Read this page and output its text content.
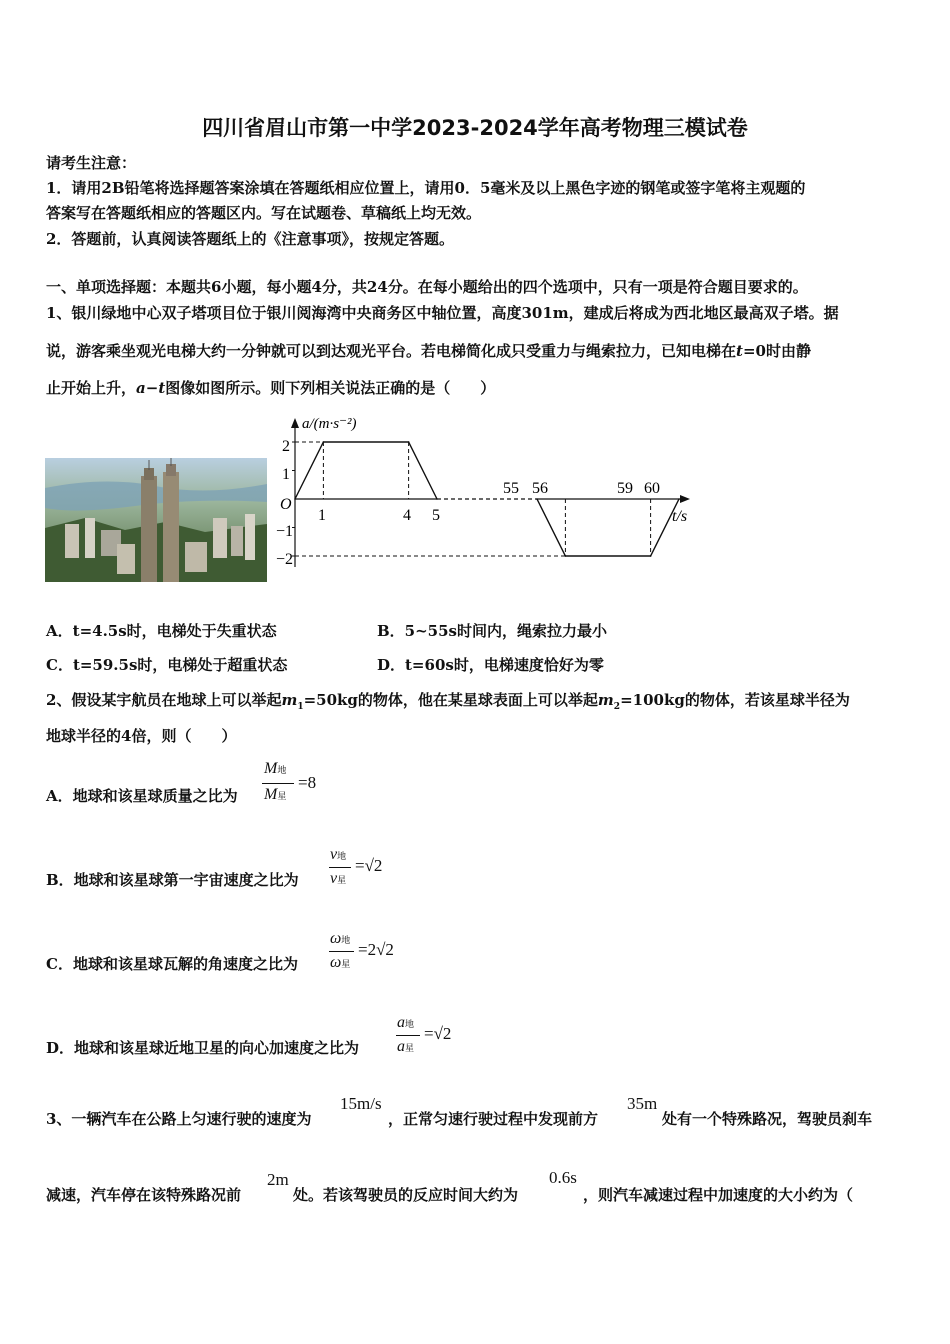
四川省眉山市第一中学2023-2024学年高考物理三模试卷
请考生注意：
1．请用2B铅笔将选择题答案涂填在答题纸相应位置上，请用0．5毫米及以上黑色字迹的钢笔或签字笔将主观题的
答案写在答题纸相应的答题区内。写在试题卷、草稿纸上均无效。
2．答题前，认真阅读答题纸上的《注意事项》，按规定答题。
一、单项选择题：本题共6小题，每小题4分，共24分。在每小题给出的四个选项中，只有一项是符合题目要求的。
1、银川绿地中心双子塔项目位于银川阅海湾中央商务区中轴位置，高度301m，建成后将成为西北地区最高双子塔。据
说，游客乘坐观光电梯大约一分钟就可以到达观光平台。若电梯简化成只受重力与绳索拉力，已知电梯在t=0时由静
止开始上升，a−t图像如图所示。则下列相关说法正确的是（　　）
a/(m·s⁻²)
t/s
O
2
1
−1
−2
1	4 5
55 56	59 60
A．t=4.5s时，电梯处于失重状态	B．5~55s时间内，绳索拉力最小
C．t=59.5s时，电梯处于超重状态	D．t=60s时，电梯速度恰好为零
2、假设某宇航员在地球上可以举起$m_1=50kg$的物体，他在某星球表面上可以举起$m_2=100kg$的物体，若该星球半径为
地球半径的4倍，则（　　）
A．地球和该星球质量之比为
M地
M星
=8
B．地球和该星球第一宇宙速度之比为
v地
v星
=√2
C．地球和该星球瓦解的角速度之比为
ω地
ω星
=2√2
D．地球和该星球近地卫星的向心加速度之比为
a地
a星
=√2
3、一辆汽车在公路上匀速行驶的速度为
15m/s
，正常匀速行驶过程中发现前方
35m
处有一个特殊路况，驾驶员刹车
减速，汽车停在该特殊路况前
2m
处。若该驾驶员的反应时间大约为
0.6s
，则汽车减速过程中加速度的大小约为（
